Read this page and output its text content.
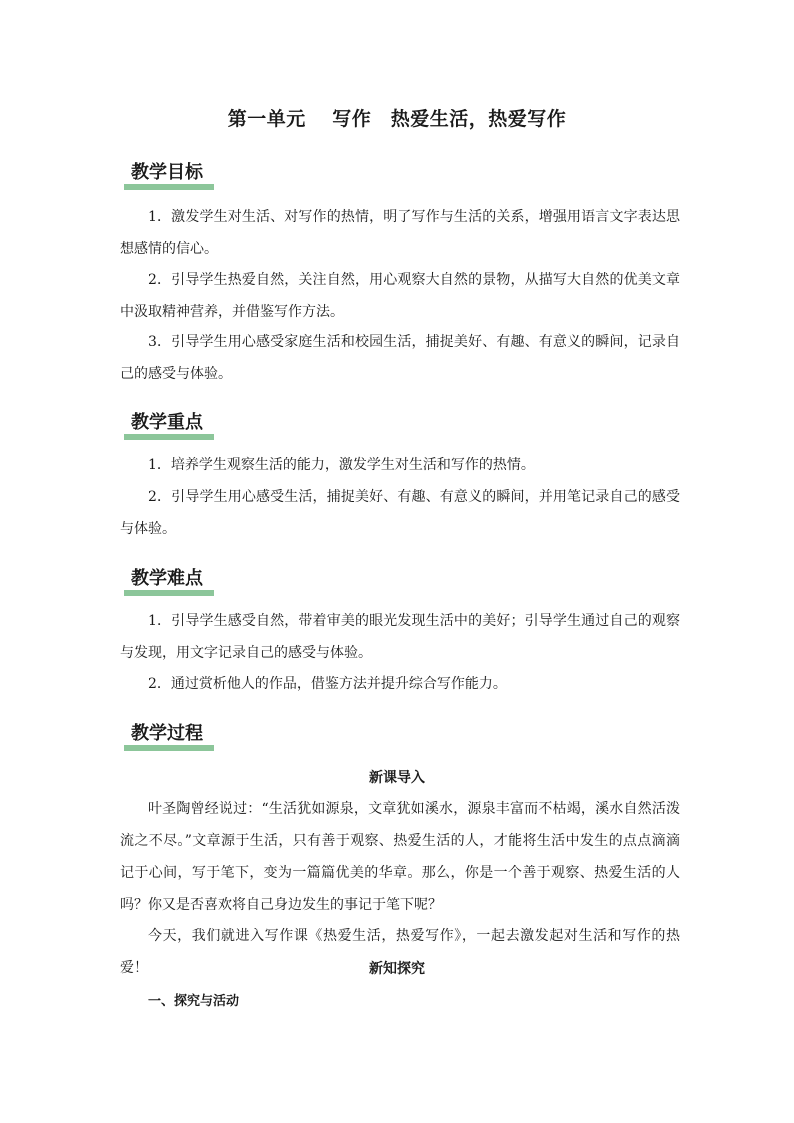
第一单元　 写作　热爱生活，热爱写作
教学目标

1．激发学生对生活、对写作的热情，明了写作与生活的关系，增强用语言文字表达思想感情的信心。

2．引导学生热爱自然，关注自然，用心观察大自然的景物，从描写大自然的优美文章中汲取精神营养，并借鉴写作方法。

3．引导学生用心感受家庭生活和校园生活，捕捉美好、有趣、有意义的瞬间，记录自己的感受与体验。

教学重点

1．培养学生观察生活的能力，激发学生对生活和写作的热情。

2．引导学生用心感受生活，捕捉美好、有趣、有意义的瞬间，并用笔记录自己的感受与体验。

教学难点

1．引导学生感受自然，带着审美的眼光发现生活中的美好；引导学生通过自己的观察与发现，用文字记录自己的感受与体验。

2．通过赏析他人的作品，借鉴方法并提升综合写作能力。

教学过程
新课导入

叶圣陶曾经说过：“生活犹如源泉，文章犹如溪水，源泉丰富而不枯竭，溪水自然活泼流之不尽。”文章源于生活，只有善于观察、热爱生活的人，才能将生活中发生的点点滴滴记于心间，写于笔下，变为一篇篇优美的华章。那么，你是一个善于观察、热爱生活的人吗？你又是否喜欢将自己身边发生的事记于笔下呢？

今天，我们就进入写作课《热爱生活，热爱写作》，一起去激发起对生活和写作的热爱！	新知探究
一、探究与活动
